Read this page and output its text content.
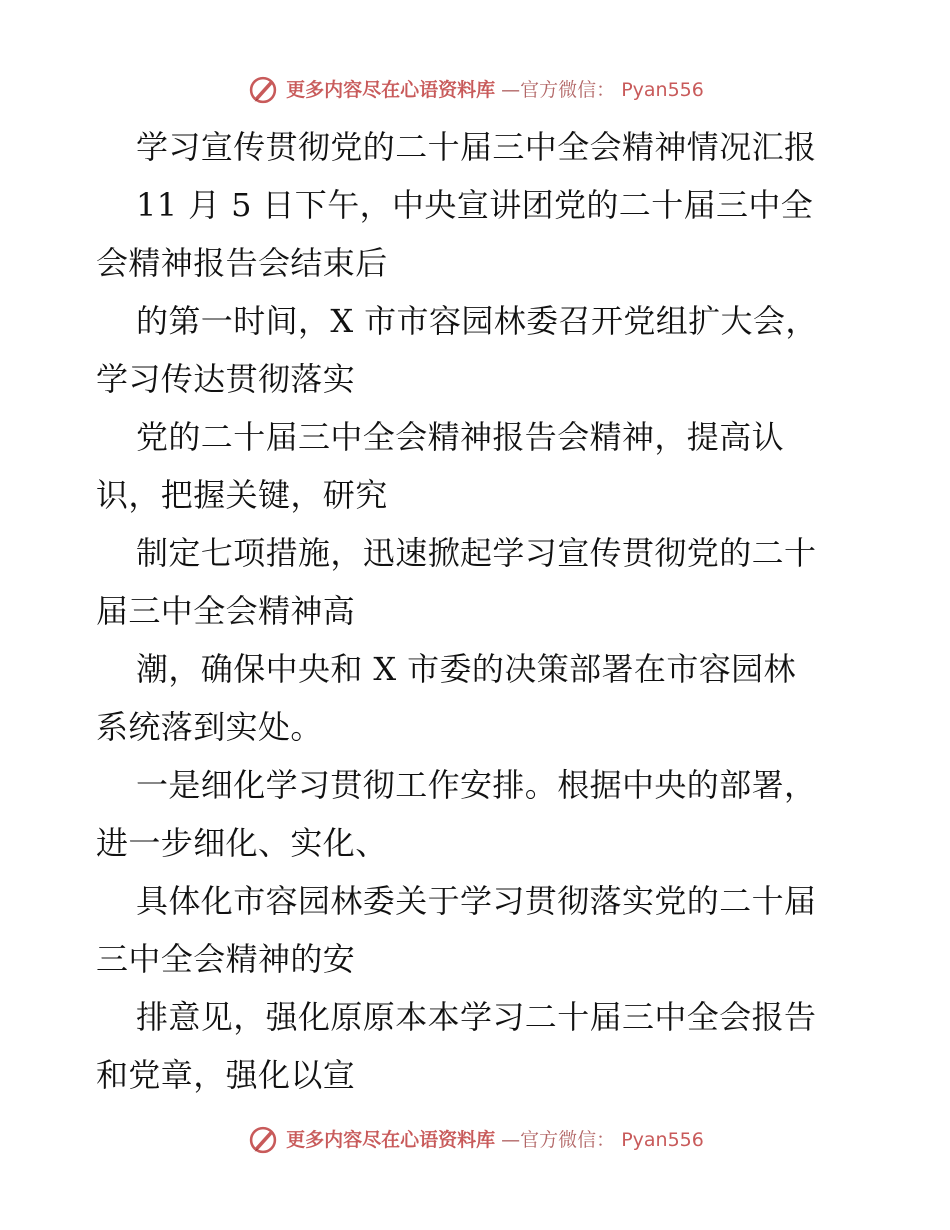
更多内容尽在心语资料库 —官方微信： Pyan556
学习宣传贯彻党的二十届三中全会精神情况汇报
11 月 5 日下午，中央宣讲团党的二十届三中全
会精神报告会结束后
的第一时间，X 市市容园林委召开党组扩大会，
学习传达贯彻落实
党的二十届三中全会精神报告会精神，提高认
识，把握关键，研究
制定七项措施，迅速掀起学习宣传贯彻党的二十
届三中全会精神高
潮，确保中央和 X 市委的决策部署在市容园林
系统落到实处。
一是细化学习贯彻工作安排。根据中央的部署，
进一步细化、实化、
具体化市容园林委关于学习贯彻落实党的二十届
三中全会精神的安
排意见，强化原原本本学习二十届三中全会报告
和党章，强化以宣
更多内容尽在心语资料库 —官方微信： Pyan556
